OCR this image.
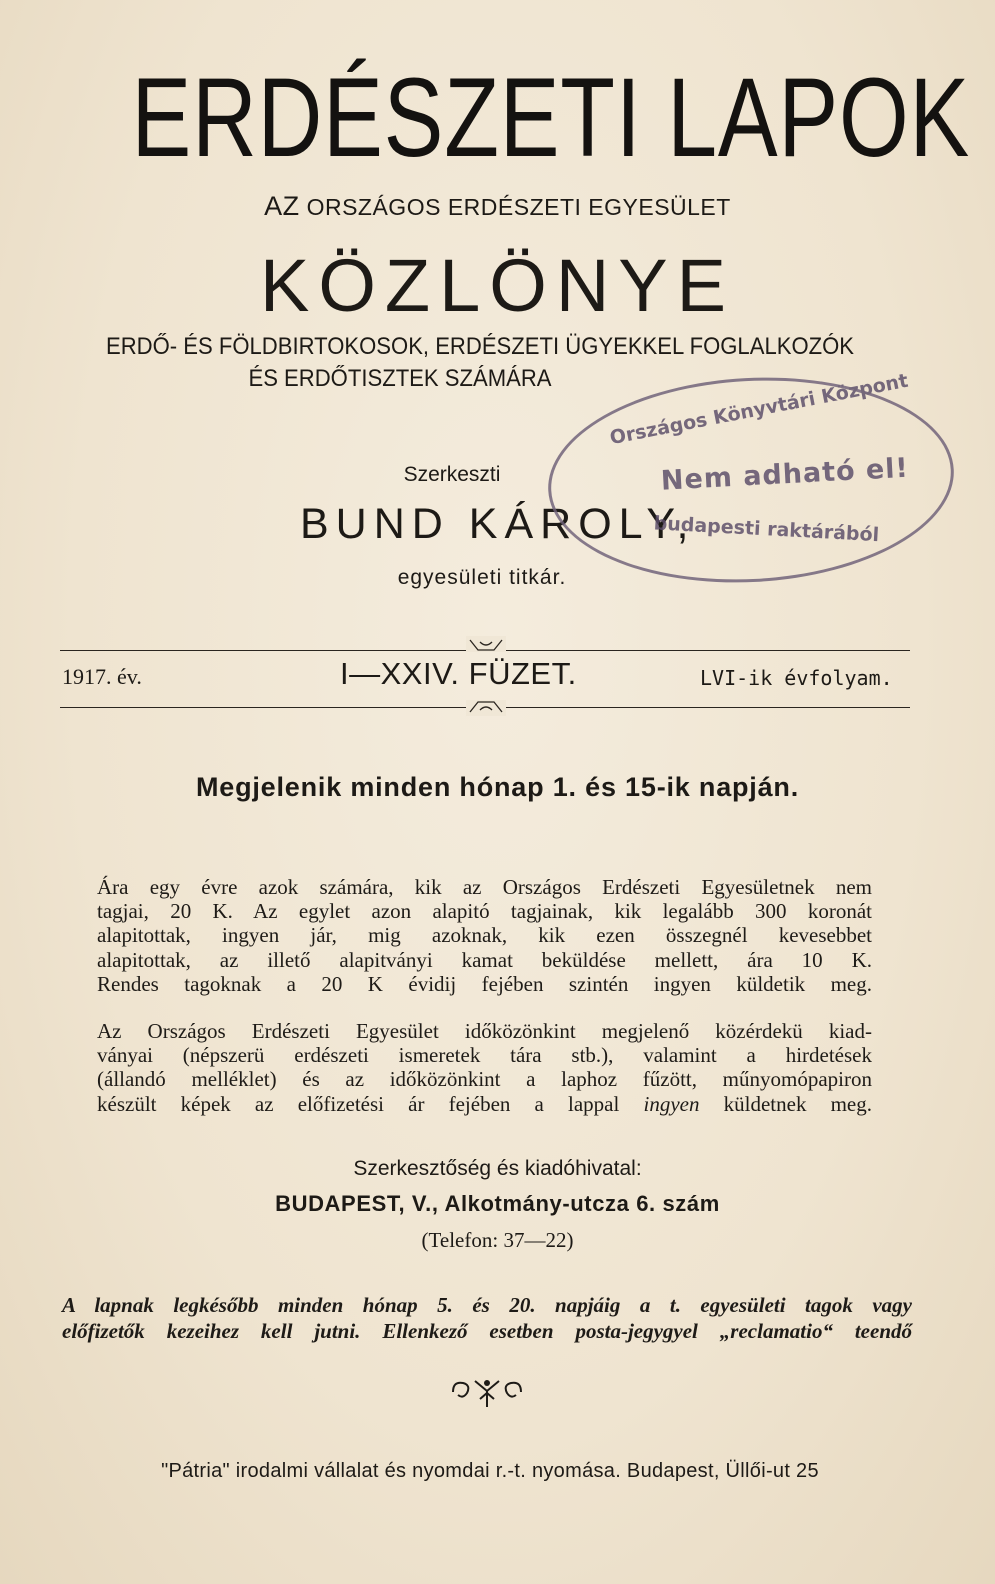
ERDÉSZETI LAPOK
AZ ORSZÁGOS ERDÉSZETI EGYESÜLET
KÖZLÖNYE
ERDŐ- ÉS FÖLDBIRTOKOSOK, ERDÉSZETI ÜGYEKKEL FOGLALKOZÓK
ÉS ERDŐTISZTEK SZÁMÁRA
Szerkeszti
BUND KÁROLY,
egyesületi titkár.
Országos Könyvtári Központ
Nem adható el!
budapesti raktárából
1917. év.	I—XXIV. FÜZET.	LVI-ik évfolyam.
Megjelenik minden hónap 1. és 15-ik napján.
Ára egy évre azok számára, kik az Országos Erdészeti Egyesületnek nem
tagjai, 20 K. Az egylet azon alapitó tagjainak, kik legalább 300 koronát
alapitottak, ingyen jár, mig azoknak, kik ezen összegnél kevesebbet
alapitottak, az illető alapitványi kamat beküldése mellett, ára 10 K.
Rendes tagoknak a 20 K évidij fejében szintén ingyen küldetik meg.
Az Országos Erdészeti Egyesület időközönkint megjelenő közérdekü kiad-
ványai (népszerü erdészeti ismeretek tára stb.), valamint a hirdetések
(állandó melléklet) és az időközönkint a laphoz fűzött, műnyomópapiron
készült képek az előfizetési ár fejében a lappal ingyen küldetnek meg.
Szerkesztőség és kiadóhivatal:
BUDAPEST, V., Alkotmány-utcza 6. szám
(Telefon: 37—22)
A lapnak legkésőbb minden hónap 5. és 20. napjáig a t. egyesületi tagok vagy
előfizetők kezeihez kell jutni. Ellenkező esetben posta-jegygyel „reclamatio“ teendő
"Pátria" irodalmi vállalat és nyomdai r.-t. nyomása. Budapest, Üllői-ut 25
